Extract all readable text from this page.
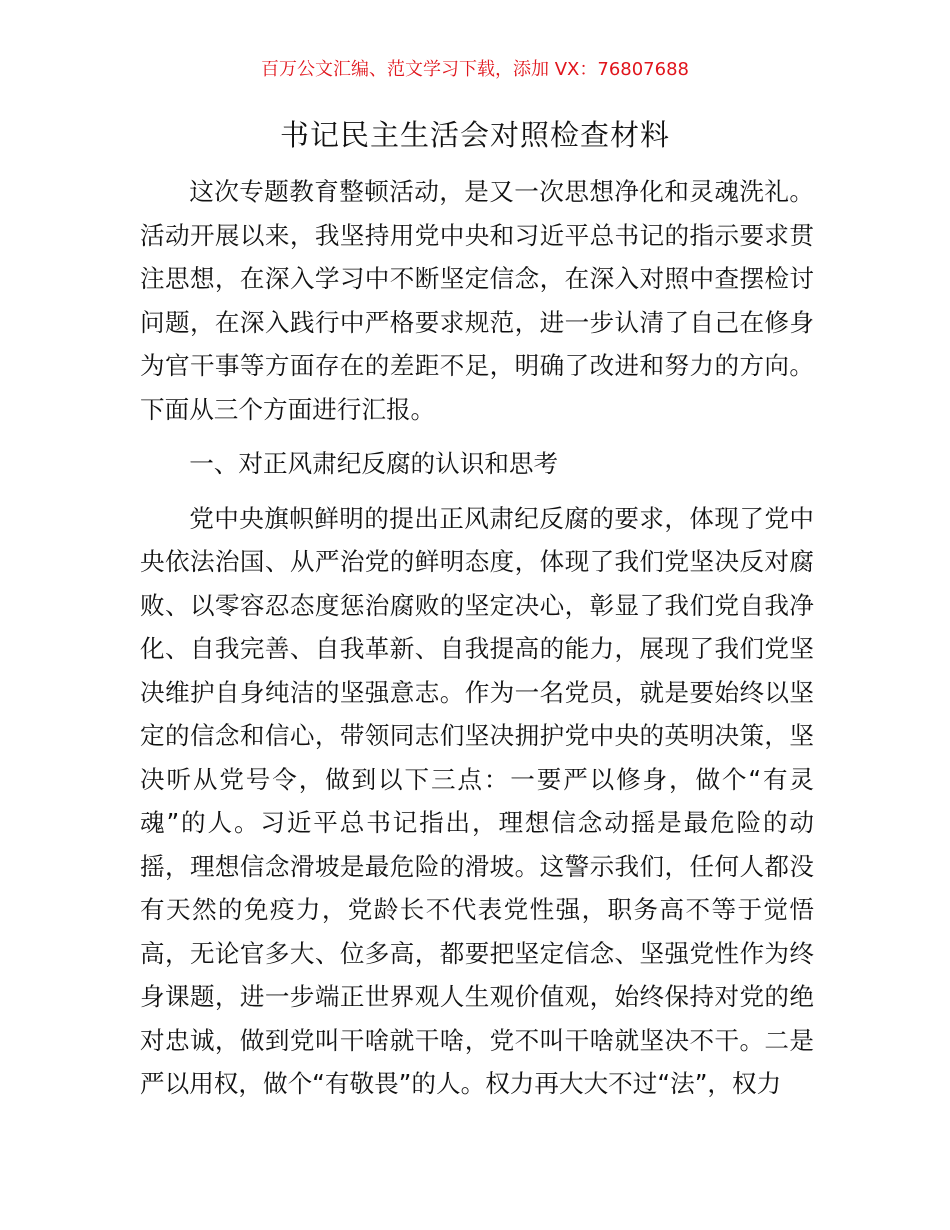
百万公文汇编、范文学习下载，添加 VX：76807688
书记民主生活会对照检查材料

这次专题教育整顿活动，是又一次思想净化和灵魂洗礼。活动开展以来，我坚持用党中央和习近平总书记的指示要求贯注思想，在深入学习中不断坚定信念，在深入对照中查摆检讨问题，在深入践行中严格要求规范，进一步认清了自己在修身为官干事等方面存在的差距不足，明确了改进和努力的方向。下面从三个方面进行汇报。

一、对正风肃纪反腐的认识和思考

党中央旗帜鲜明的提出正风肃纪反腐的要求，体现了党中央依法治国、从严治党的鲜明态度，体现了我们党坚决反对腐败、以零容忍态度惩治腐败的坚定决心，彰显了我们党自我净化、自我完善、自我革新、自我提高的能力，展现了我们党坚决维护自身纯洁的坚强意志。作为一名党员，就是要始终以坚定的信念和信心，带领同志们坚决拥护党中央的英明决策，坚决听从党号令，做到以下三点：一要严以修身，做个“有灵魂”的人。习近平总书记指出，理想信念动摇是最危险的动摇，理想信念滑坡是最危险的滑坡。这警示我们，任何人都没有天然的免疫力，党龄长不代表党性强，职务高不等于觉悟高，无论官多大、位多高，都要把坚定信念、坚强党性作为终身课题，进一步端正世界观人生观价值观，始终保持对党的绝对忠诚，做到党叫干啥就干啥，党不叫干啥就坚决不干。二是严以用权，做个“有敬畏”的人。权力再大大不过“法”，权力
